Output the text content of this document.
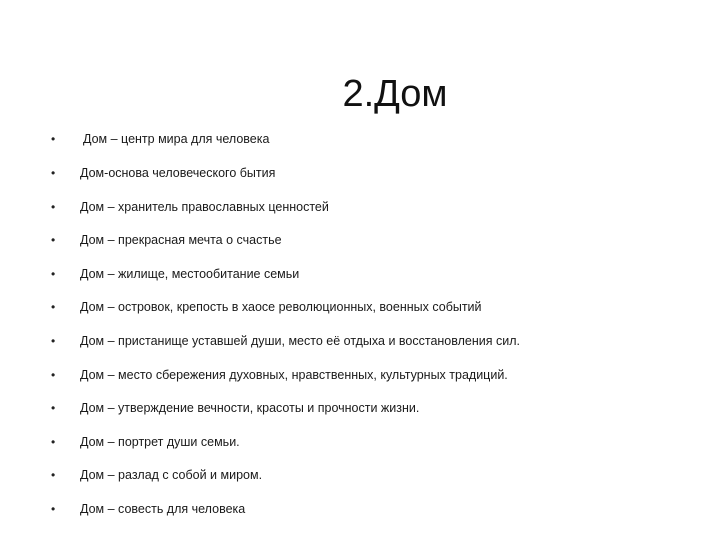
2.Дом
• Дом – центр мира для человека
• Дом-основа человеческого бытия
• Дом – хранитель православных ценностей
• Дом – прекрасная мечта о счастье
• Дом – жилище, местообитание семьи
• Дом – островок, крепость в хаосе революционных, военных событий
• Дом – пристанище уставшей души, место её отдыха и восстановления сил.
• Дом – место сбережения духовных, нравственных, культурных традиций.
• Дом – утверждение вечности, красоты и прочности жизни.
• Дом – портрет души семьи.
• Дом – разлад с собой и миром.
• Дом – совесть для человека
